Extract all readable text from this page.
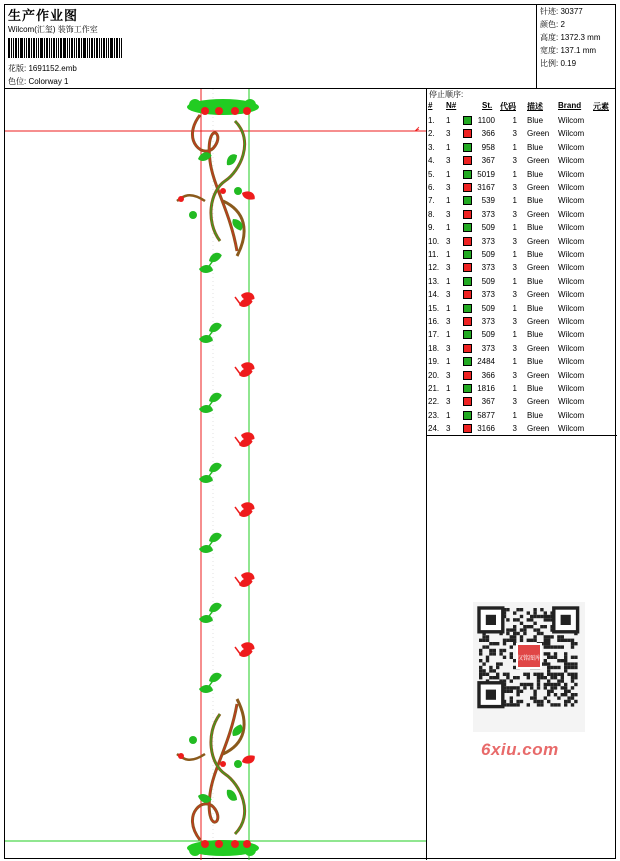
生产作业图
Wilcom(汇玺) 装饰工作室
花版: 1691152.emb
色位: Colorway 1
针迹: 30377
颜色: 2
高度: 1372.3 mm
宽度: 137.1 mm
比例: 0.19
停止顺序:
# N#	St. 代码 描述 Brand 元素
1. 1	1100	1 Blue Wilcom
2. 3	366	3 Green Wilcom
3. 1	958	1 Blue Wilcom
4. 3	367	3 Green Wilcom
5. 1	5019	1 Blue Wilcom
6. 3	3167	3 Green Wilcom
7. 1	539	1 Blue Wilcom
8. 3	373	3 Green Wilcom
9. 1	509	1 Blue Wilcom
10. 3	373	3 Green Wilcom
11. 1	509	1 Blue Wilcom
12. 3	373	3 Green Wilcom
13. 1	509	1 Blue Wilcom
14. 3	373	3 Green Wilcom
15. 1	509	1 Blue Wilcom
16. 3	373	3 Green Wilcom
17. 1	509	1 Blue Wilcom
18. 3	373	3 Green Wilcom
19. 1	2484	1 Blue Wilcom
20. 3	366	3 Green Wilcom
21. 1	1816	1 Blue Wilcom
22. 3	367	3 Green Wilcom
23. 1	5877	1 Blue Wilcom
24. 3	3166	3 Green Wilcom
汉铭图库
6xiu.com
